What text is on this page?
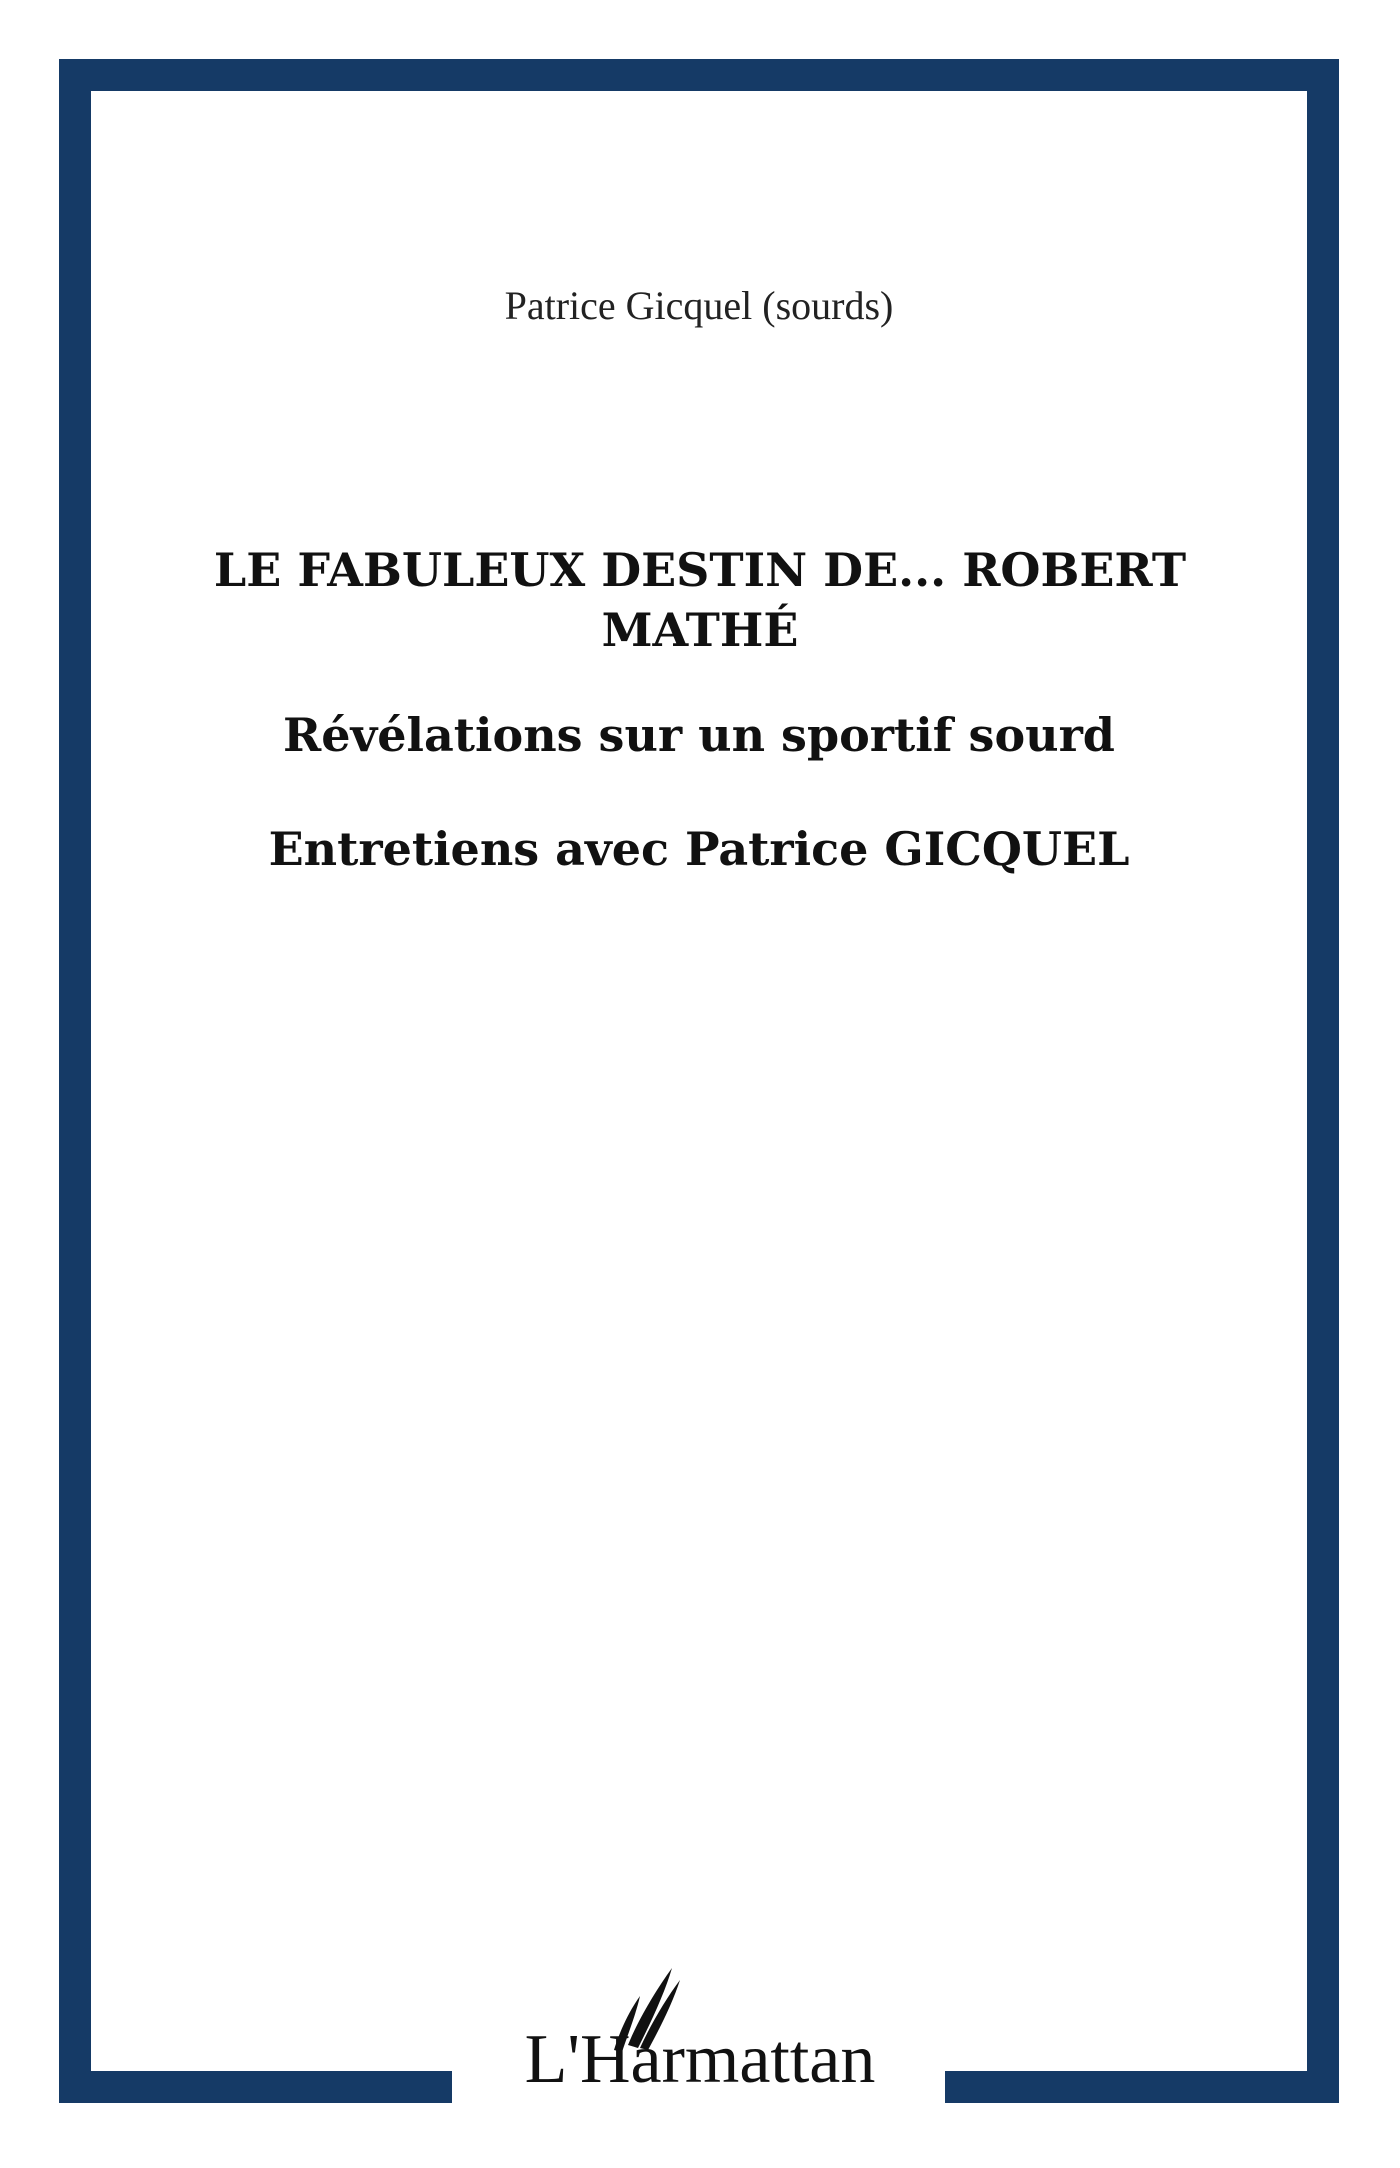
Patrice Gicquel (sourds)
LE FABULEUX DESTIN DE... ROBERT MATHÉ
Révélations sur un sportif sourd
Entretiens avec Patrice GICQUEL
L'Harmattan
